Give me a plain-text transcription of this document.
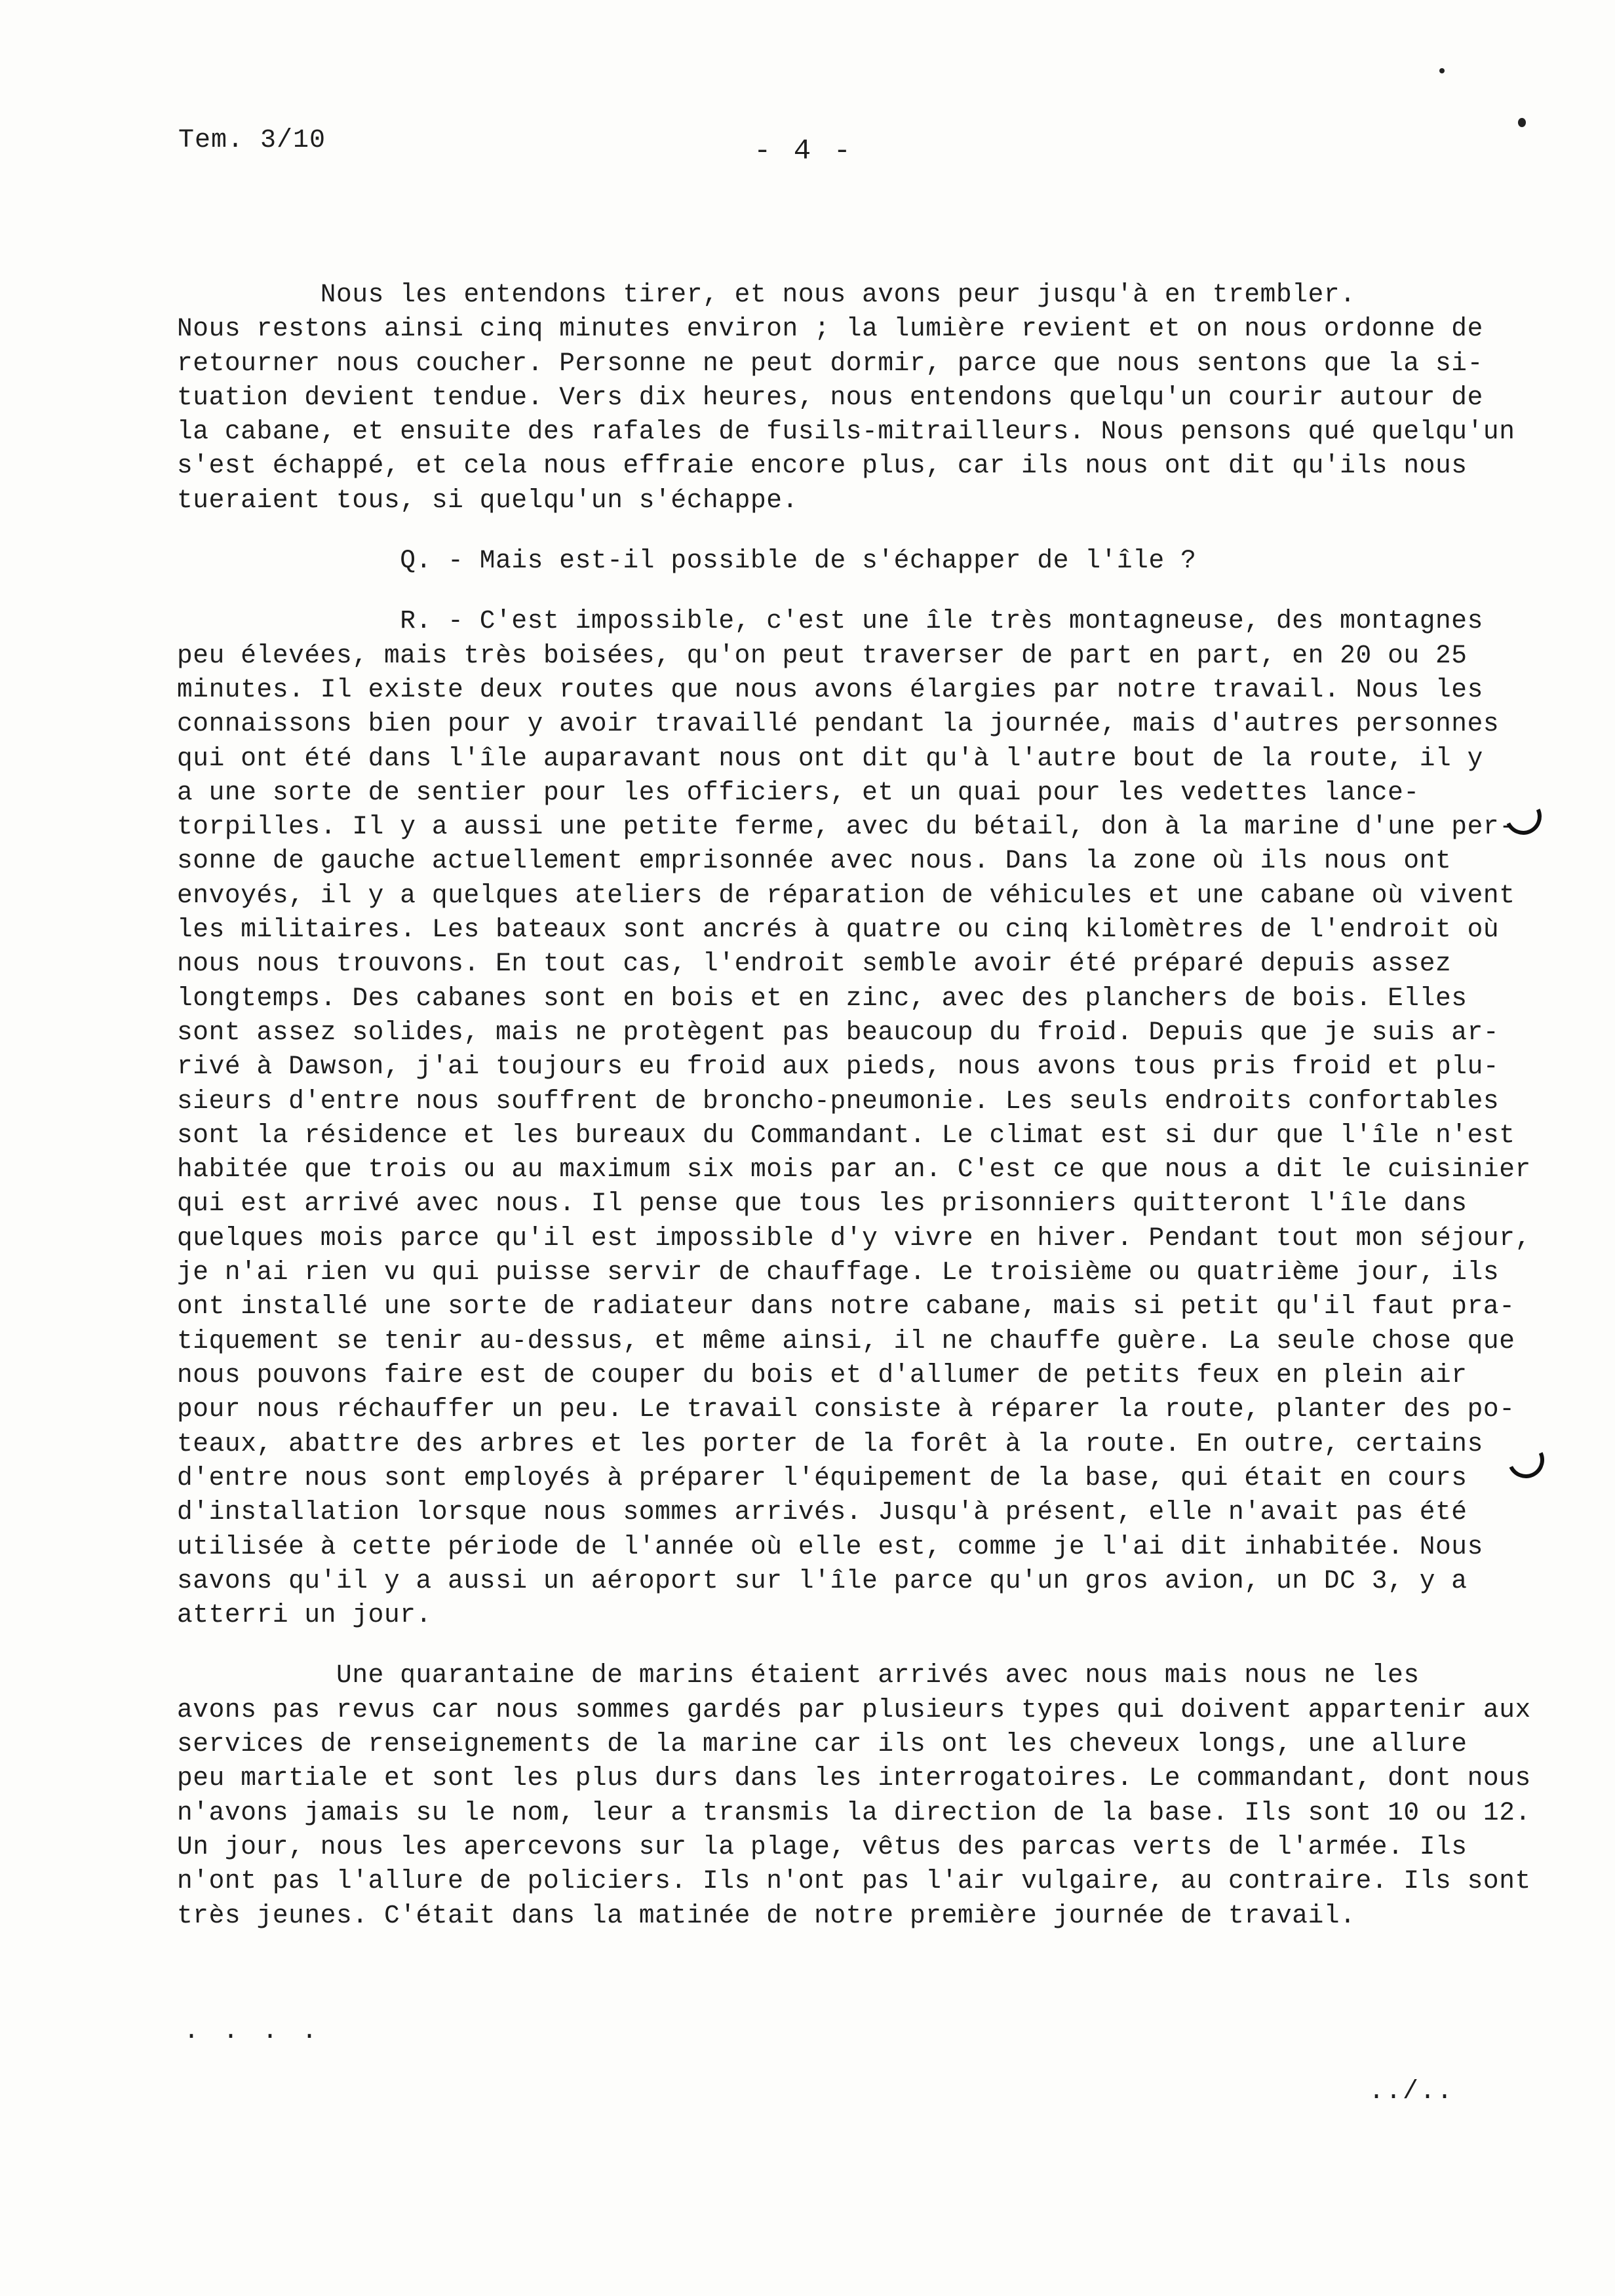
Tem. 3/10	- 4 -
Nous les entendons tirer, et nous avons peur jusqu'à en trembler.
Nous restons ainsi cinq minutes environ ; la lumière revient et on nous ordonne de
retourner nous coucher. Personne ne peut dormir, parce que nous sentons que la si-
tuation devient tendue. Vers dix heures, nous entendons quelqu'un courir autour de
la cabane, et ensuite des rafales de fusils-mitrailleurs. Nous pensons qué quelqu'un
s'est échappé, et cela nous effraie encore plus, car ils nous ont dit qu'ils nous
tueraient tous, si quelqu'un s'échappe.
Q. - Mais est-il possible de s'échapper de l'île ?
R. - C'est impossible, c'est une île très montagneuse, des montagnes
peu élevées, mais très boisées, qu'on peut traverser de part en part, en 20 ou 25
minutes. Il existe deux routes que nous avons élargies par notre travail. Nous les
connaissons bien pour y avoir travaillé pendant la journée, mais d'autres personnes
qui ont été dans l'île auparavant nous ont dit qu'à l'autre bout de la route, il y
a une sorte de sentier pour les officiers, et un quai pour les vedettes lance-
torpilles. Il y a aussi une petite ferme, avec du bétail, don à la marine d'une per-
sonne de gauche actuellement emprisonnée avec nous. Dans la zone où ils nous ont
envoyés, il y a quelques ateliers de réparation de véhicules et une cabane où vivent
les militaires. Les bateaux sont ancrés à quatre ou cinq kilomètres de l'endroit où
nous nous trouvons. En tout cas, l'endroit semble avoir été préparé depuis assez
longtemps. Des cabanes sont en bois et en zinc, avec des planchers de bois. Elles
sont assez solides, mais ne protègent pas beaucoup du froid. Depuis que je suis ar-
rivé à Dawson, j'ai toujours eu froid aux pieds, nous avons tous pris froid et plu-
sieurs d'entre nous souffrent de broncho-pneumonie. Les seuls endroits confortables
sont la résidence et les bureaux du Commandant. Le climat est si dur que l'île n'est
habitée que trois ou au maximum six mois par an. C'est ce que nous a dit le cuisinier
qui est arrivé avec nous. Il pense que tous les prisonniers quitteront l'île dans
quelques mois parce qu'il est impossible d'y vivre en hiver. Pendant tout mon séjour,
je n'ai rien vu qui puisse servir de chauffage. Le troisième ou quatrième jour, ils
ont installé une sorte de radiateur dans notre cabane, mais si petit qu'il faut pra-
tiquement se tenir au-dessus, et même ainsi, il ne chauffe guère. La seule chose que
nous pouvons faire est de couper du bois et d'allumer de petits feux en plein air
pour nous réchauffer un peu. Le travail consiste à réparer la route, planter des po-
teaux, abattre des arbres et les porter de la forêt à la route. En outre, certains
d'entre nous sont employés à préparer l'équipement de la base, qui était en cours
d'installation lorsque nous sommes arrivés. Jusqu'à présent, elle n'avait pas été
utilisée à cette période de l'année où elle est, comme je l'ai dit inhabitée. Nous
savons qu'il y a aussi un aéroport sur l'île parce qu'un gros avion, un DC 3, y a
atterri un jour.
Une quarantaine de marins étaient arrivés avec nous mais nous ne les
avons pas revus car nous sommes gardés par plusieurs types qui doivent appartenir aux
services de renseignements de la marine car ils ont les cheveux longs, une allure
peu martiale et sont les plus durs dans les interrogatoires. Le commandant, dont nous
n'avons jamais su le nom, leur a transmis la direction de la base. Ils sont 10 ou 12.
Un jour, nous les apercevons sur la plage, vêtus des parcas verts de l'armée. Ils
n'ont pas l'allure de policiers. Ils n'ont pas l'air vulgaire, au contraire. Ils sont
très jeunes. C'était dans la matinée de notre première journée de travail.
. . . .
../..
